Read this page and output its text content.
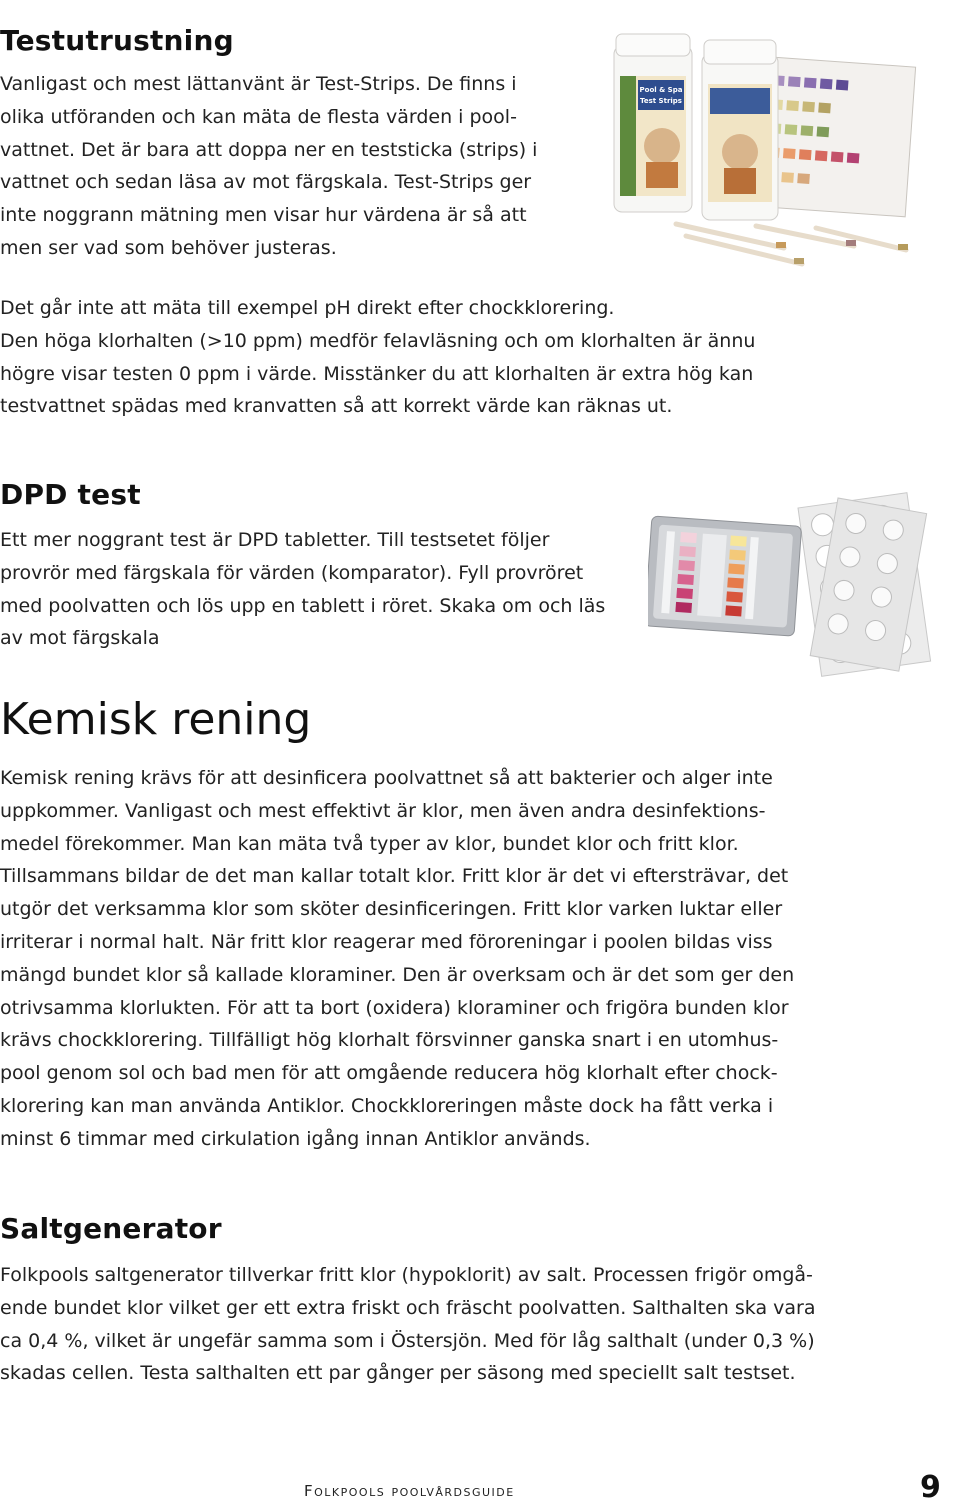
Testutrustning
Vanligast och mest lättanvänt är Test-Strips. De finns i
olika utföranden och kan mäta de flesta värden i pool-
vattnet. Det är bara att doppa ner en teststicka (strips) i
vattnet och sedan läsa av mot färgskala. Test-Strips ger
inte noggrann mätning men visar hur värdena är så att
men ser vad som behöver justeras.
Pool & Spa
Test Strips
Det går inte att mäta till exempel pH direkt efter chockklorering.
Den höga klorhalten (>10 ppm) medför felavläsning och om klorhalten är ännu
högre visar testen 0 ppm i värde. Misstänker du att klorhalten är extra hög kan
testvattnet spädas med kranvatten så att korrekt värde kan räknas ut.
DPD test
Ett mer noggrant test är DPD tabletter. Till testsetet följer
provrör med färgskala för värden (komparator). Fyll provröret
med poolvatten och lös upp en tablett i röret. Skaka om och läs
av mot färgskala
Kemisk rening
Kemisk rening krävs för att desinficera poolvattnet så att bakterier och alger inte
uppkommer. Vanligast och mest effektivt är klor, men även andra desinfektions-
medel förekommer. Man kan mäta två typer av klor, bundet klor och fritt klor.
Tillsammans bildar de det man kallar totalt klor. Fritt klor är det vi eftersträvar, det
utgör det verksamma klor som sköter desinficeringen. Fritt klor varken luktar eller
irriterar i normal halt. När fritt klor reagerar med föroreningar i poolen bildas viss
mängd bundet klor så kallade kloraminer. Den är overksam och är det som ger den
otrivsamma klorlukten. För att ta bort (oxidera) kloraminer och frigöra bunden klor
krävs chockklorering. Tillfälligt hög klorhalt försvinner ganska snart i en utomhus-
pool genom sol och bad men för att omgående reducera hög klorhalt efter chock-
klorering kan man använda Antiklor. Chockkloreringen måste dock ha fått verka i
minst 6 timmar med cirkulation igång innan Antiklor används.
Saltgenerator
Folkpools saltgenerator tillverkar fritt klor (hypoklorit) av salt. Processen frigör omgå-
ende bundet klor vilket ger ett extra friskt och fräscht poolvatten. Salthalten ska vara
ca 0,4 %, vilket är ungefär samma som i Östersjön. Med för låg salthalt (under 0,3 %)
skadas cellen. Testa salthalten ett par gånger per säsong med speciellt salt testset.
Folkpools poolvårdsguide	9
